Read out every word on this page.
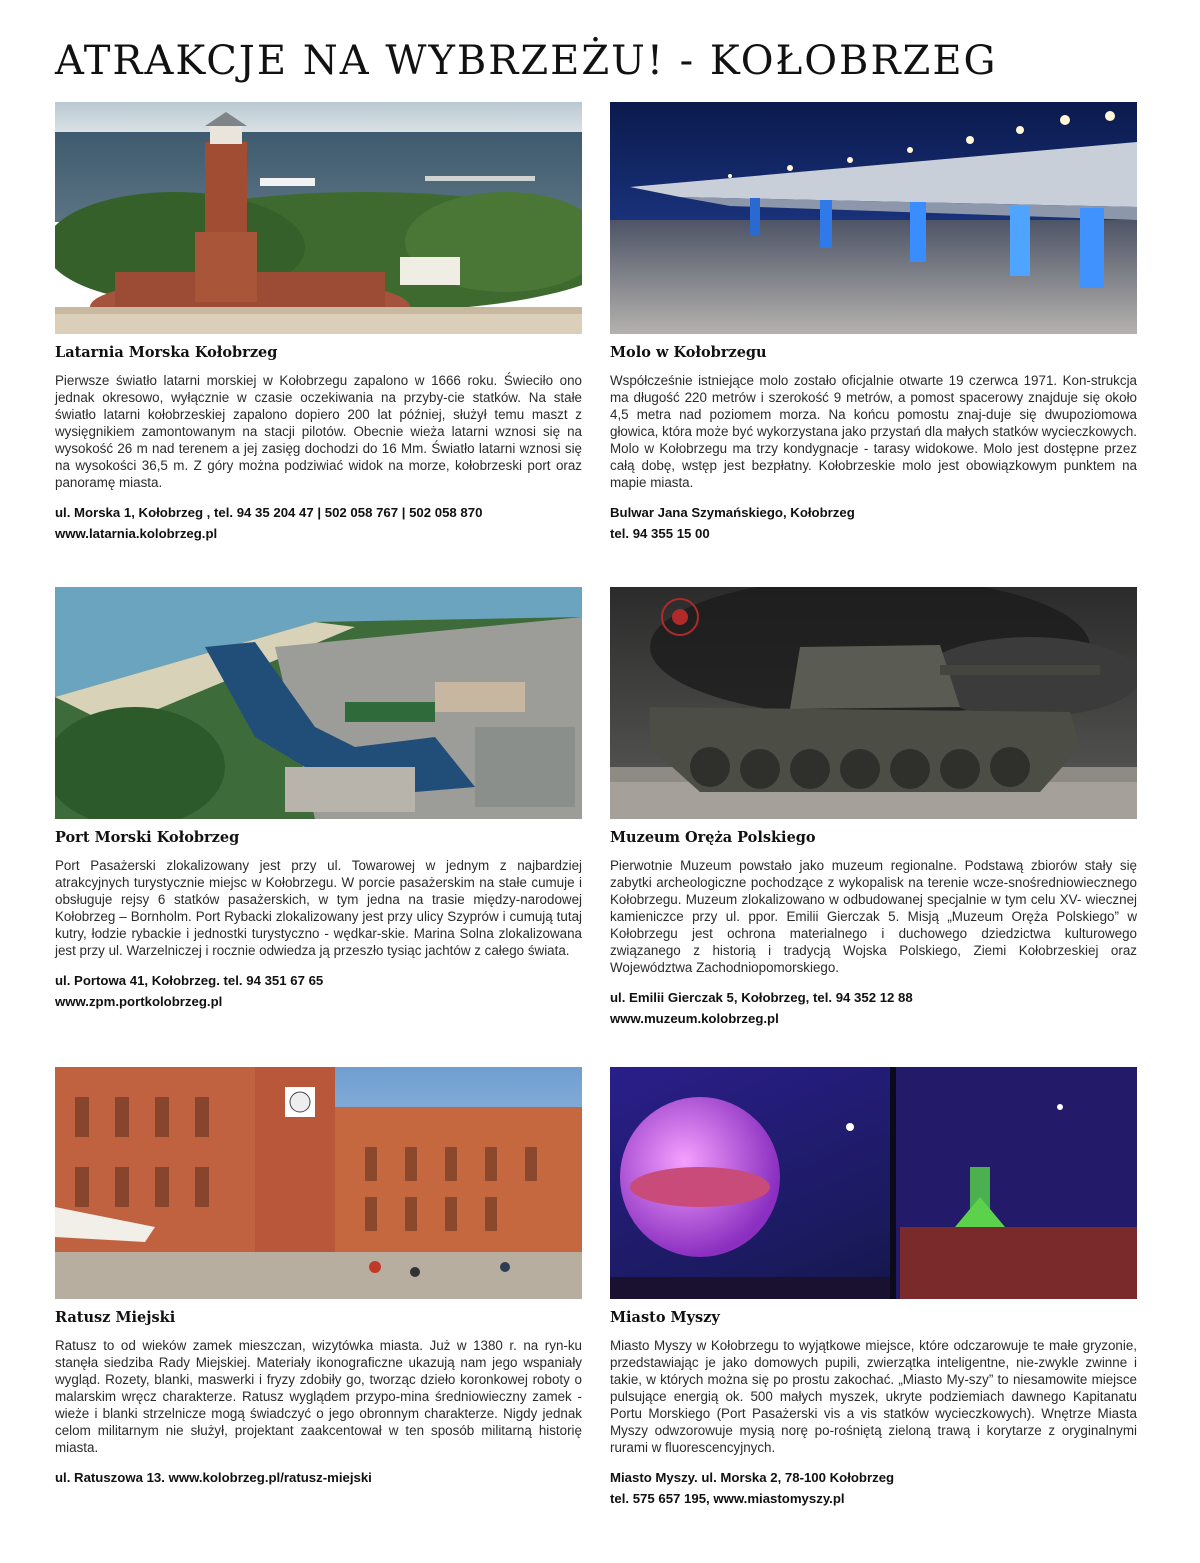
ATRAKCJE NA WYBRZEŻU! - KOŁOBRZEG
Latarnia Morska Kołobrzeg
Pierwsze światło latarni morskiej w Kołobrzegu zapalono w 1666 roku. Świeciło ono jednak okresowo, wyłącznie w czasie oczekiwania na przyby-cie statków. Na stałe światło latarni kołobrzeskiej zapalono dopiero 200 lat później, służył temu maszt z wysięgnikiem zamontowanym na stacji pilotów. Obecnie wieża latarni wznosi się na wysokość 26 m nad terenem a jej zasięg dochodzi do 16 Mm. Światło latarni wznosi się na wysokości 36,5 m. Z góry można podziwiać widok na morze, kołobrzeski port oraz panoramę miasta.
ul. Morska 1, Kołobrzeg , tel. 94 35 204 47 | 502 058 767 | 502 058 870
www.latarnia.kolobrzeg.pl
Molo w Kołobrzegu
Współcześnie istniejące molo zostało oficjalnie otwarte 19 czerwca 1971. Kon-strukcja ma długość 220 metrów i szerokość 9 metrów, a pomost spacerowy znajduje się około 4,5 metra nad poziomem morza. Na końcu pomostu znaj-duje się dwupoziomowa głowica, która może być wykorzystana jako przystań dla małych statków wycieczkowych. Molo w Kołobrzegu ma trzy kondygnacje - tarasy widokowe. Molo jest dostępne przez całą dobę, wstęp jest bezpłatny. Kołobrzeskie molo jest obowiązkowym punktem na mapie miasta.
Bulwar Jana Szymańskiego, Kołobrzeg
tel. 94 355 15 00
Port Morski Kołobrzeg
Port Pasażerski zlokalizowany jest przy ul. Towarowej w jednym z najbardziej atrakcyjnych turystycznie miejsc w Kołobrzegu. W porcie pasażerskim na stałe cumuje i obsługuje rejsy 6 statków pasażerskich, w tym jedna na trasie między-narodowej Kołobrzeg – Bornholm. Port Rybacki zlokalizowany jest przy ulicy Szyprów i cumują tutaj kutry, łodzie rybackie i jednostki turystyczno - wędkar-skie. Marina Solna zlokalizowana jest przy ul. Warzelniczej i rocznie odwiedza ją przeszło tysiąc jachtów z całego świata.
ul. Portowa 41, Kołobrzeg. tel. 94 351 67 65
www.zpm.portkolobrzeg.pl
Muzeum Oręża Polskiego
Pierwotnie Muzeum powstało jako muzeum regionalne. Podstawą zbiorów stały się zabytki archeologiczne pochodzące z wykopalisk na terenie wcze-snośredniowiecznego Kołobrzegu. Muzeum zlokalizowano w odbudowanej specjalnie w tym celu XV- wiecznej kamieniczce przy ul. ppor. Emilii Gierczak 5. Misją „Muzeum Oręża Polskiego” w Kołobrzegu jest ochrona materialnego i duchowego dziedzictwa kulturowego związanego z historią i tradycją Wojska Polskiego, Ziemi Kołobrzeskiej oraz Województwa Zachodniopomorskiego.
ul. Emilii Gierczak 5, Kołobrzeg, tel. 94 352 12 88
www.muzeum.kolobrzeg.pl
Ratusz Miejski
Ratusz to od wieków zamek mieszczan, wizytówka miasta. Już w 1380 r. na ryn-ku stanęła siedziba Rady Miejskiej. Materiały ikonograficzne ukazują nam jego wspaniały wygląd. Rozety, blanki, maswerki i fryzy zdobiły go, tworząc dzieło koronkowej roboty o malarskim wręcz charakterze. Ratusz wyglądem przypo-mina średniowieczny zamek - wieże i blanki strzelnicze mogą świadczyć o jego obronnym charakterze. Nigdy jednak celom militarnym nie służył, projektant zaakcentował w ten sposób militarną historię miasta.
ul. Ratuszowa 13. www.kolobrzeg.pl/ratusz-miejski
Miasto Myszy
Miasto Myszy w Kołobrzegu to wyjątkowe miejsce, które odczarowuje te małe gryzonie, przedstawiając je jako domowych pupili, zwierzątka inteligentne, nie-zwykle zwinne i takie, w których można się po prostu zakochać. „Miasto My-szy” to niesamowite miejsce pulsujące energią ok. 500 małych myszek, ukryte podziemiach dawnego Kapitanatu Portu Morskiego (Port Pasażerski vis a vis statków wycieczkowych). Wnętrze Miasta Myszy odwzorowuje mysią norę po-rośniętą zieloną trawą i korytarze z oryginalnymi rurami w fluorescencyjnych.
Miasto Myszy. ul. Morska 2, 78-100 Kołobrzeg
tel. 575 657 195, www.miastomyszy.pl
